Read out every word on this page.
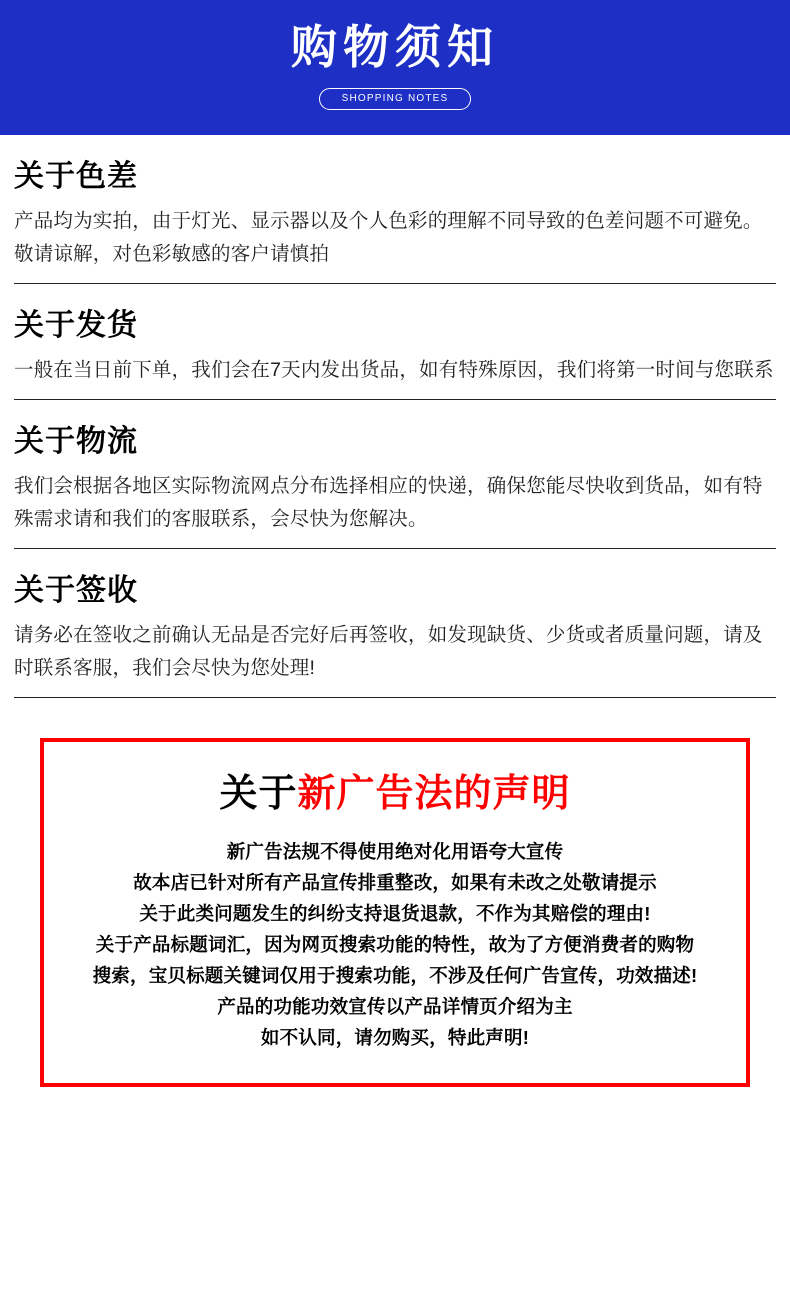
购物须知
SHOPPING NOTES
关于色差
产品均为实拍，由于灯光、显示器以及个人色彩的理解不同导致的色差问题不可避免。敬请谅解，对色彩敏感的客户请慎拍
关于发货
一般在当日前下单，我们会在7天内发出货品，如有特殊原因，我们将第一时间与您联系
关于物流
我们会根据各地区实际物流网点分布选择相应的快递，确保您能尽快收到货品，如有特殊需求请和我们的客服联系，会尽快为您解决。
关于签收
请务必在签收之前确认无品是否完好后再签收，如发现缺货、少货或者质量问题，请及时联系客服，我们会尽快为您处理!
关于新广告法的声明
新广告法规不得使用绝对化用语夸大宣传
故本店已针对所有产品宣传排重整改，如果有未改之处敬请提示
关于此类问题发生的纠纷支持退货退款，不作为其赔偿的理由!
关于产品标题词汇，因为网页搜索功能的特性，故为了方便消费者的购物
搜索，宝贝标题关键词仅用于搜索功能，不涉及任何广告宣传，功效描述!
产品的功能功效宣传以产品详情页介绍为主
如不认同，请勿购买，特此声明!
